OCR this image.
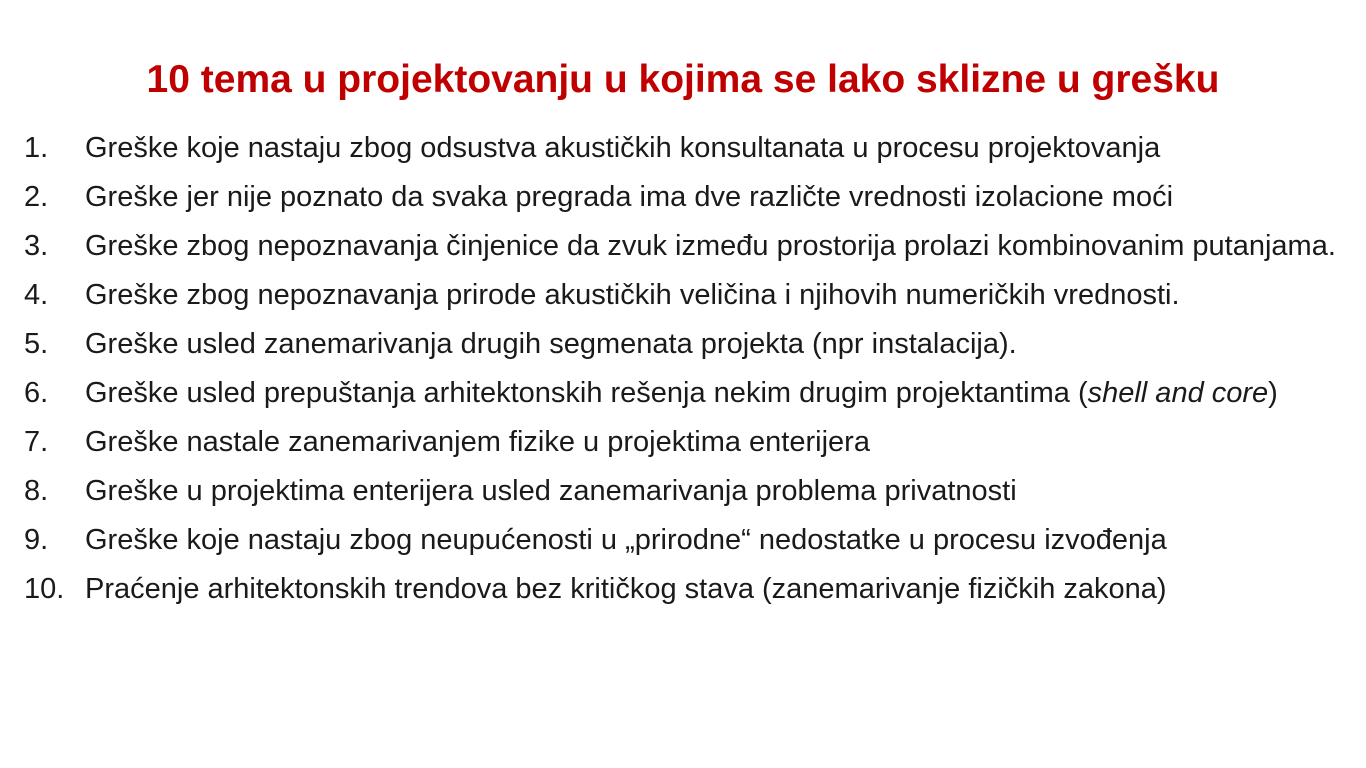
10 tema u projektovanju u kojima se lako sklizne u grešku
1. Greške koje nastaju zbog odsustva akustičkih konsultanata u procesu projektovanja
2. Greške jer nije poznato da svaka pregrada ima dve različte vrednosti izolacione moći
3. Greške zbog nepoznavanja činjenice da zvuk između prostorija prolazi kombinovanim putanjama.
4. Greške zbog nepoznavanja prirode akustičkih veličina i njihovih numeričkih vrednosti.
5. Greške usled zanemarivanja drugih segmenata projekta (npr instalacija).
6. Greške usled prepuštanja arhitektonskih rešenja nekim drugim projektantima (shell and core)
7. Greške nastale zanemarivanjem fizike u projektima enterijera
8. Greške u projektima enterijera usled zanemarivanja problema privatnosti
9. Greške koje nastaju zbog neupućenosti u „prirodne“ nedostatke u procesu izvođenja
10. Praćenje arhitektonskih trendova bez kritičkog stava (zanemarivanje fizičkih zakona)
